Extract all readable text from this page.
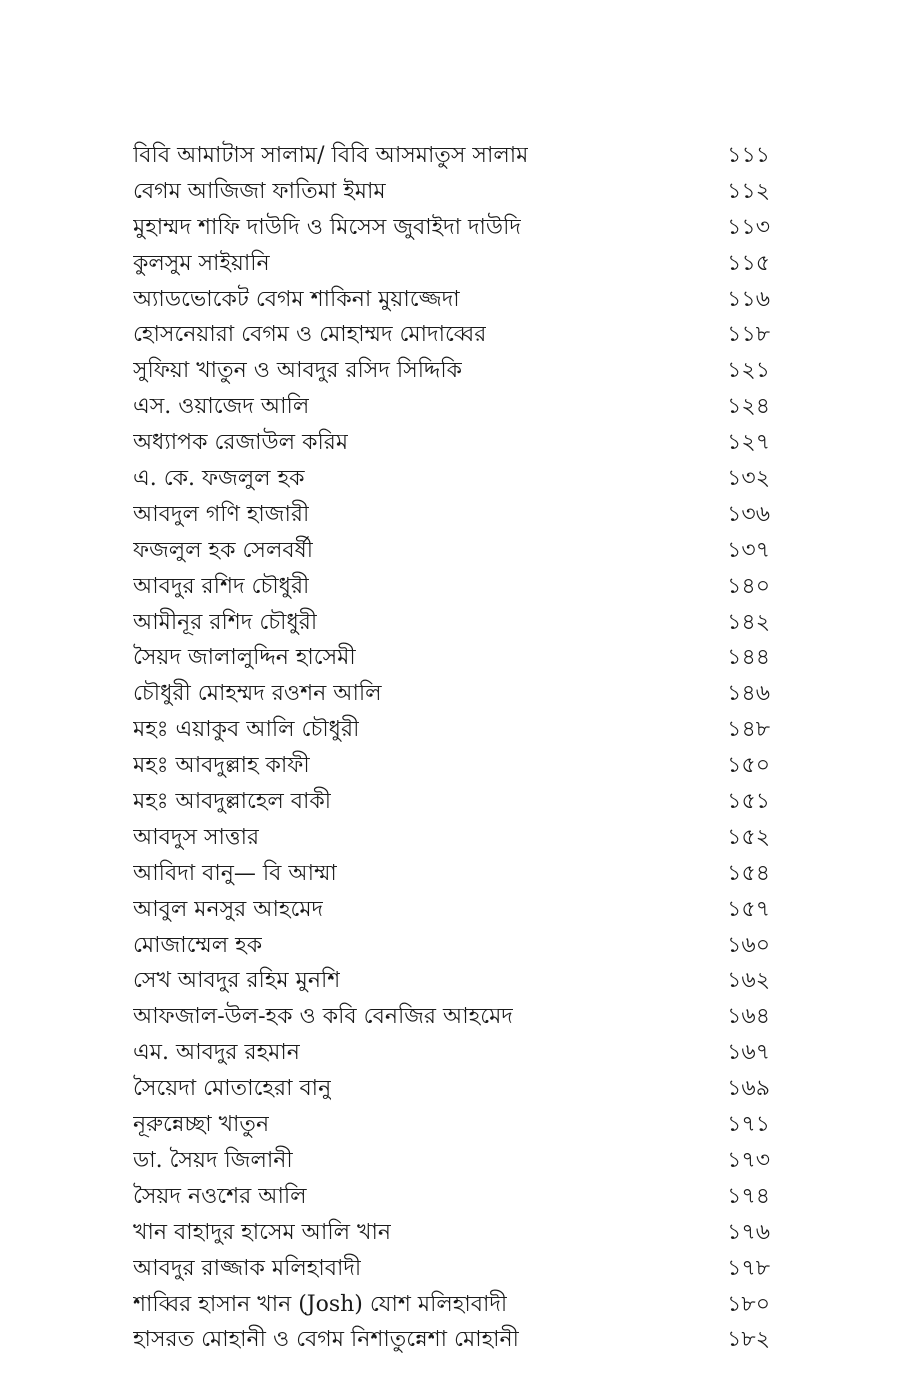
বিবি আমাটাস সালাম/ বিবি আসমাতুস সালাম	১১১
বেগম আজিজা ফাতিমা ইমাম	১১২
মুহাম্মদ শাফি দাউদি ও মিসেস জুবাইদা দাউদি	১১৩
কুলসুম সাইয়ানি	১১৫
অ্যাডভোকেট বেগম শাকিনা মুয়াজ্জেদা	১১৬
হোসনেয়ারা বেগম ও মোহাম্মদ মোদাব্বের	১১৮
সুফিয়া খাতুন ও আবদুর রসিদ সিদ্দিকি	১২১
এস. ওয়াজেদ আলি	১২৪
অধ্যাপক রেজাউল করিম	১২৭
এ. কে. ফজলুল হক	১৩২
আবদুল গণি হাজারী	১৩৬
ফজলুল হক সেলবর্ষী	১৩৭
আবদুর রশিদ চৌধুরী	১৪০
আমীনূর রশিদ চৌধুরী	১৪২
সৈয়দ জালালুদ্দিন হাসেমী	১৪৪
চৌধুরী মোহম্মদ রওশন আলি	১৪৬
মহঃ এয়াকুব আলি চৌধুরী	১৪৮
মহঃ আবদুল্লাহ কাফী	১৫০
মহঃ আবদুল্লাহেল বাকী	১৫১
আবদুস সাত্তার	১৫২
আবিদা বানু— বি আম্মা	১৫৪
আবুল মনসুর আহমেদ	১৫৭
মোজাম্মেল হক	১৬০
সেখ আবদুর রহিম মুনশি	১৬২
আফজাল-উল-হক ও কবি বেনজির আহমেদ	১৬৪
এম. আবদুর রহমান	১৬৭
সৈয়েদা মোতাহেরা বানু	১৬৯
নূরুন্নেচ্ছা খাতুন	১৭১
ডা. সৈয়দ জিলানী	১৭৩
সৈয়দ নওশের আলি	১৭৪
খান বাহাদুর হাসেম আলি খান	১৭৬
আবদুর রাজ্জাক মলিহাবাদী	১৭৮
শাব্বির হাসান খান (Josh) যোশ মলিহাবাদী	১৮০
হাসরত মোহানী ও বেগম নিশাতুন্নেশা মোহানী	১৮২
